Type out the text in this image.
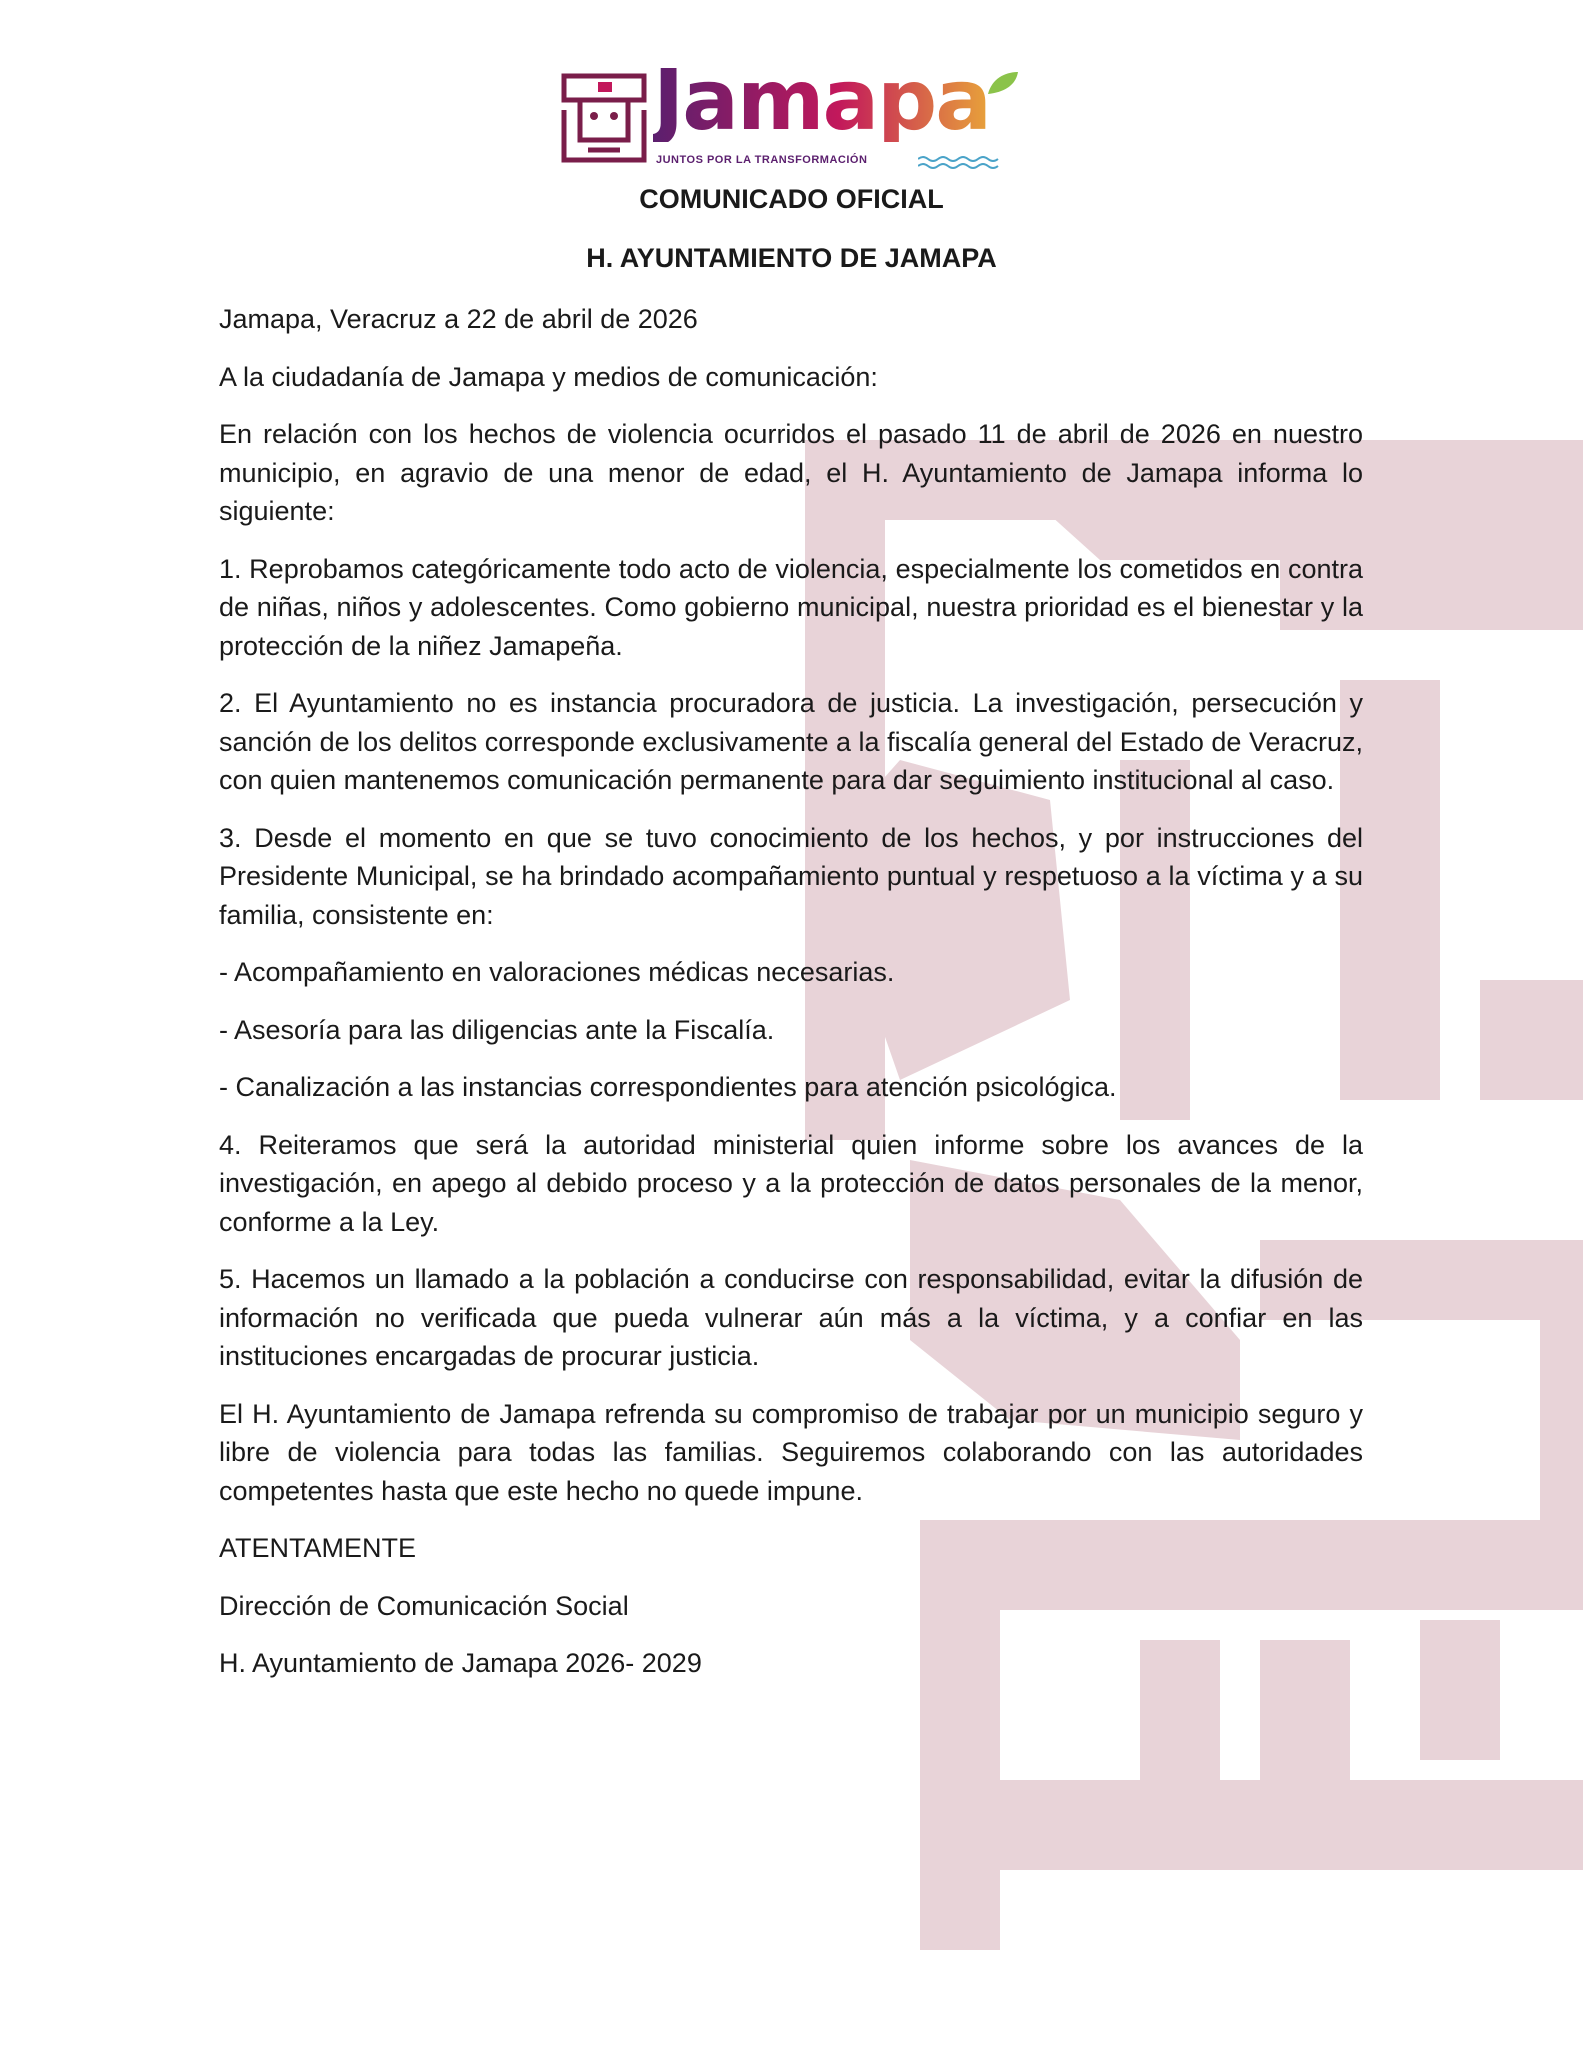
Jamapa
JUNTOS POR LA TRANSFORMACIÓN
COMUNICADO OFICIAL
H. AYUNTAMIENTO DE JAMAPA

Jamapa, Veracruz a 22 de abril de 2026

A la ciudadanía de Jamapa y medios de comunicación:

En relación con los hechos de violencia ocurridos el pasado 11 de abril de 2026 en nuestro municipio, en agravio de una menor de edad, el H. Ayuntamiento de Jamapa informa lo siguiente:

1. Reprobamos categóricamente todo acto de violencia, especialmente los cometidos en contra de niñas, niños y adolescentes. Como gobierno municipal, nuestra prioridad es el bienestar y la protección de la niñez Jamapeña.

2. El Ayuntamiento no es instancia procuradora de justicia. La investigación, persecución y sanción de los delitos corresponde exclusivamente a la fiscalía general del Estado de Veracruz, con quien mantenemos comunicación permanente para dar seguimiento institucional al caso.

3. Desde el momento en que se tuvo conocimiento de los hechos, y por instrucciones del Presidente Municipal, se ha brindado acompañamiento puntual y respetuoso a la víctima y a su familia, consistente en:

- Acompañamiento en valoraciones médicas necesarias.

- Asesoría para las diligencias ante la Fiscalía.

- Canalización a las instancias correspondientes para atención psicológica.

4. Reiteramos que será la autoridad ministerial quien informe sobre los avances de la investigación, en apego al debido proceso y a la protección de datos personales de la menor, conforme a la Ley.

5. Hacemos un llamado a la población a conducirse con responsabilidad, evitar la difusión de información no verificada que pueda vulnerar aún más a la víctima, y a confiar en las instituciones encargadas de procurar justicia.

El H. Ayuntamiento de Jamapa refrenda su compromiso de trabajar por un municipio seguro y libre de violencia para todas las familias. Seguiremos colaborando con las autoridades competentes hasta que este hecho no quede impune.

ATENTAMENTE

Dirección de Comunicación Social

H. Ayuntamiento de Jamapa 2026- 2029
